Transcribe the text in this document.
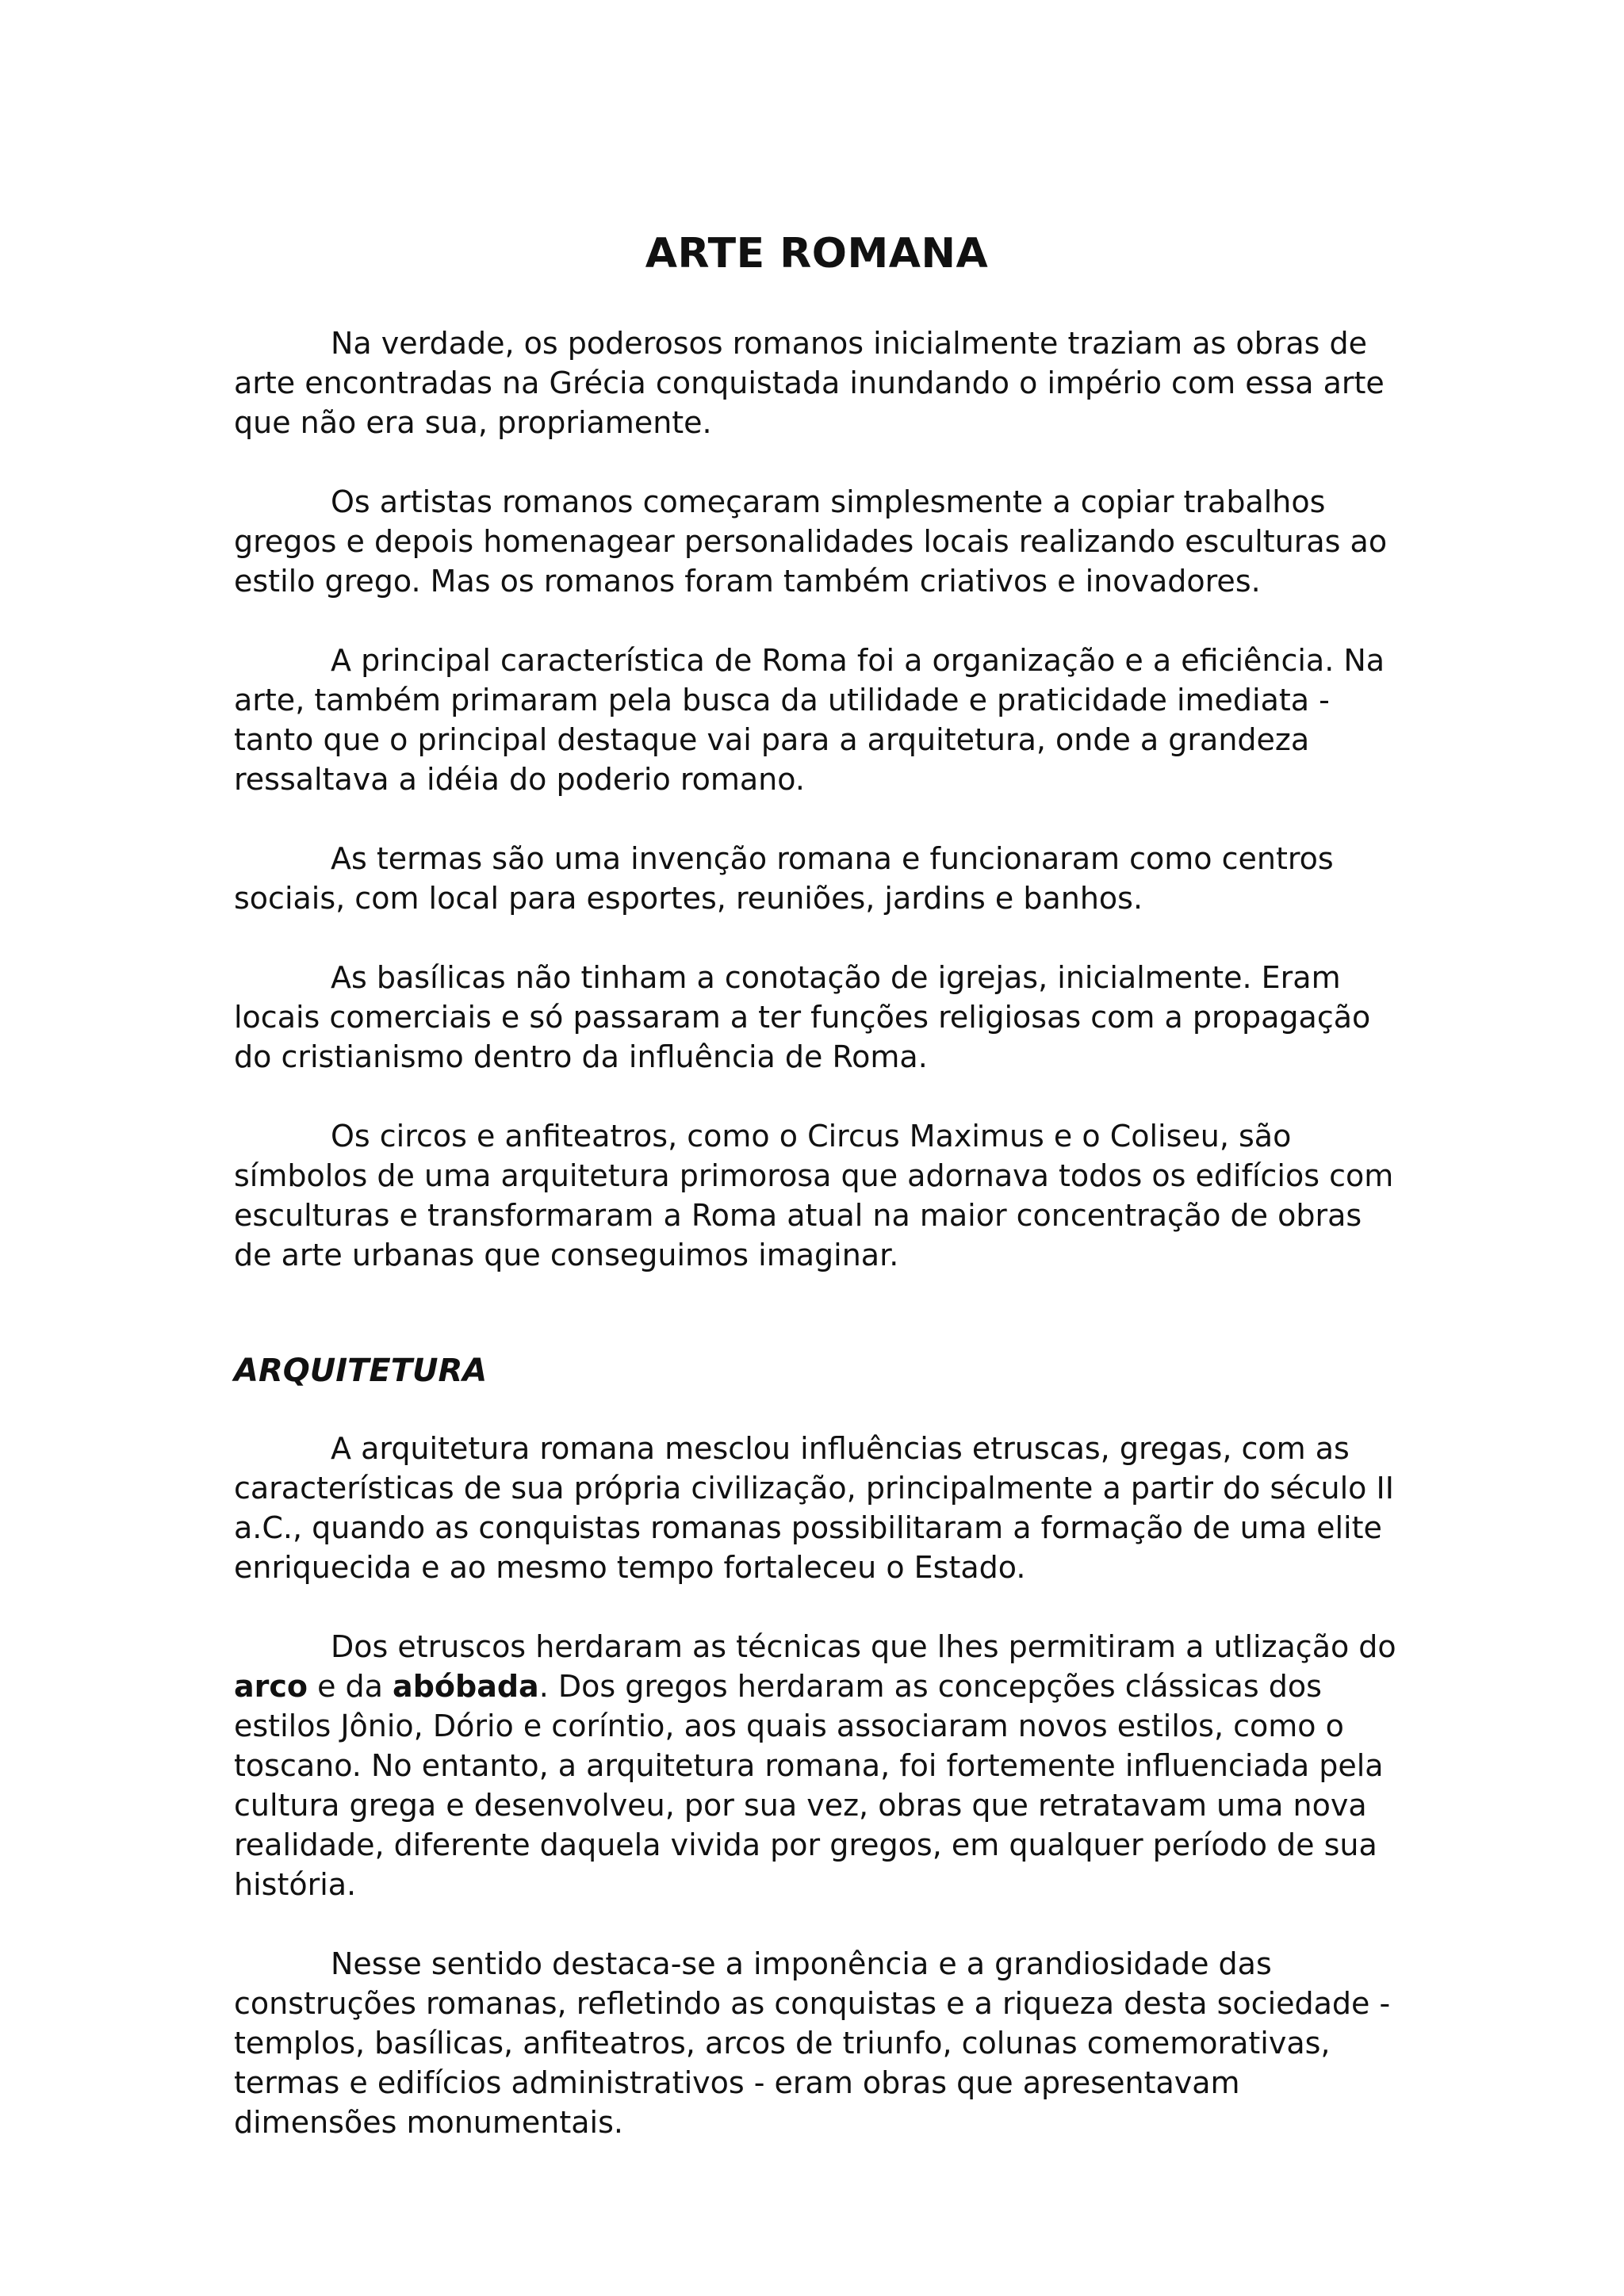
ARTE ROMANA

Na verdade, os poderosos romanos inicialmente traziam as obras de arte encontradas na Grécia conquistada inundando o império com essa arte que não era sua, propriamente.

Os artistas romanos começaram simplesmente a copiar trabalhos gregos e depois homenagear personalidades locais realizando esculturas ao estilo grego. Mas os romanos foram também criativos e inovadores.

A principal característica de Roma foi a organização e a eficiência. Na arte, também primaram pela busca da utilidade e praticidade imediata - tanto que o principal destaque vai para a arquitetura, onde a grandeza ressaltava a idéia do poderio romano.

As termas são uma invenção romana e funcionaram como centros sociais, com local para esportes, reuniões, jardins e banhos.

As basílicas não tinham a conotação de igrejas, inicialmente. Eram locais comerciais e só passaram a ter funções religiosas com a propagação do cristianismo dentro da influência de Roma.

Os circos e anfiteatros, como o Circus Maximus e o Coliseu, são símbolos de uma arquitetura primorosa que adornava todos os edifícios com esculturas e transformaram a Roma atual na maior concentração de obras de arte urbanas que conseguimos imaginar.

ARQUITETURA

A arquitetura romana mesclou influências etruscas, gregas, com as características de sua própria civilização, principalmente a partir do século II a.C., quando as conquistas romanas possibilitaram a formação de uma elite enriquecida e ao mesmo tempo fortaleceu o Estado.

Dos etruscos herdaram as técnicas que lhes permitiram a utlização do arco e da abóbada. Dos gregos herdaram as concepções clássicas dos estilos Jônio, Dório e coríntio, aos quais associaram novos estilos, como o toscano. No entanto, a arquitetura romana, foi fortemente influenciada pela cultura grega e desenvolveu, por sua vez, obras que retratavam uma nova realidade, diferente daquela vivida por gregos, em qualquer período de sua história.

Nesse sentido destaca-se a imponência e a grandiosidade das construções romanas, refletindo as conquistas e a riqueza desta sociedade - templos, basílicas, anfiteatros, arcos de triunfo, colunas comemorativas, termas e edifícios administrativos - eram obras que apresentavam dimensões monumentais.
